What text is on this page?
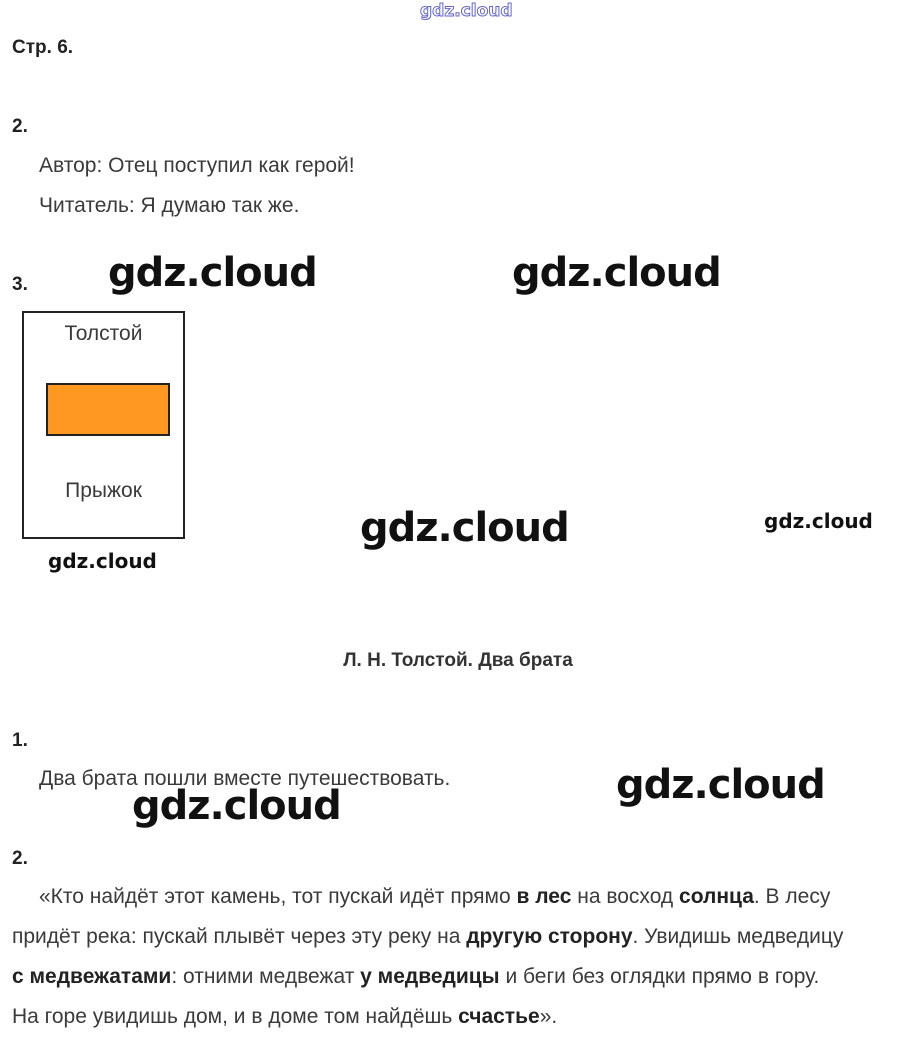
gdz.cloud
Стр. 6.
2.
Автор: Отец поступил как герой!
Читатель: Я думаю так же.
3. gdz.cloud	gdz.cloud
Толстой
Прыжок
gdz.cloud	gdz.cloud
gdz.cloud
Л. Н. Толстой. Два брата
1.
Два брата пошли вместе путешествовать.	gdz.cloud
gdz.cloud
2.

«Кто найдёт этот камень, тот пускай идёт прямо в лес на восход солнца. В лесу

придёт река: пускай плывёт через эту реку на другую сторону. Увидишь медведицу

с медвежатами: отними медвежат у медведицы и беги без оглядки прямо в гору.

На горе увидишь дом, и в доме том найдёшь счастье».
